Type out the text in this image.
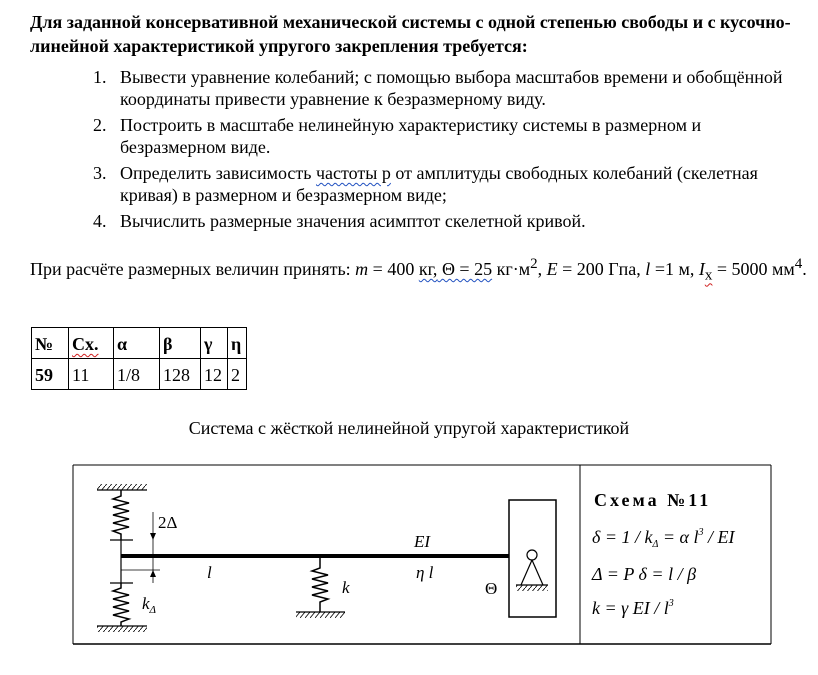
Для заданной консервативной механической системы с одной степенью свободы и с кусочно-линейной характеристикой упругого закрепления требуется:
1. Вывести уравнение колебаний; с помощью выбора масштабов времени и обобщённой координаты привести уравнение к безразмерному виду.
2. Построить в масштабе нелинейную характеристику системы в размерном и безразмерном виде.
3. Определить зависимость частоты p от амплитуды свободных колебаний (скелетная кривая) в размерном и безразмерном виде;
4. Вычислить размерные значения асимптот скелетной кривой.
При расчёте размерных величин принять: m = 400 кг, Θ = 25 $кг\cdot м^2$, E = 200 Гпа, l =1 м, $I_x = 5000$ $мм^4$.
№	Сх.	α	β	γ	η
59	11	1/8	128	12	2
Система с жёсткой нелинейной упругой характеристикой
2Δ
$k_\Delta$
l
k
EI
η l
Θ
Схема №11
$\delta = 1 / k_\Delta = \alpha$ $l^3$ / EI
Δ = P δ = l / β
k = γ EI / $l^3$
